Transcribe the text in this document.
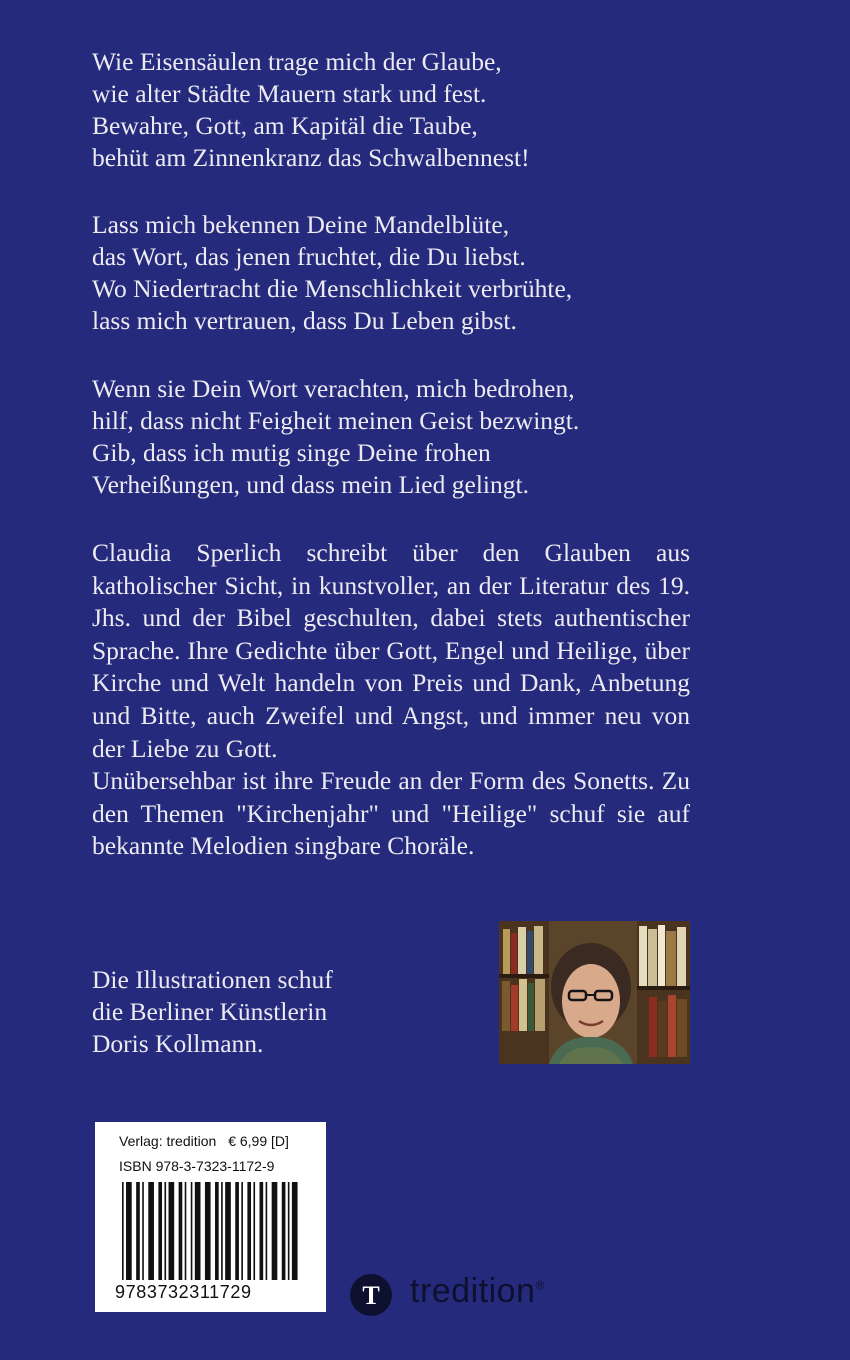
Wie Eisensäulen trage mich der Glaube,
wie alter Städte Mauern stark und fest.
Bewahre, Gott, am Kapitäl die Taube,
behüt am Zinnenkranz das Schwalbennest!
Lass mich bekennen Deine Mandelblüte,
das Wort, das jenen fruchtet, die Du liebst.
Wo Niedertracht die Menschlichkeit verbrühte,
lass mich vertrauen, dass Du Leben gibst.
Wenn sie Dein Wort verachten, mich bedrohen,
hilf, dass nicht Feigheit meinen Geist bezwingt.
Gib, dass ich mutig singe Deine frohen
Verheißungen, und dass mein Lied gelingt.

Claudia Sperlich schreibt über den Glauben aus katholischer Sicht, in kunstvoller, an der Literatur des 19. Jhs. und der Bibel geschulten, dabei stets authentischer Sprache. Ihre Gedichte über Gott, Engel und Heilige, über Kirche und Welt handeln von Preis und Dank, Anbetung und Bitte, auch Zweifel und Angst, und immer neu von der Liebe zu Gott.

Unübersehbar ist ihre Freude an der Form des Sonetts. Zu den Themen "Kirchenjahr" und "Heilige" schuf sie auf bekannte Melodien singbare Choräle.

Die Illustrationen schuf
die Berliner Künstlerin
Doris Kollmann.
Verlag: tredition € 6,99 [D]
ISBN 978-3-7323-1172-9
9783732311729	T tredition®
